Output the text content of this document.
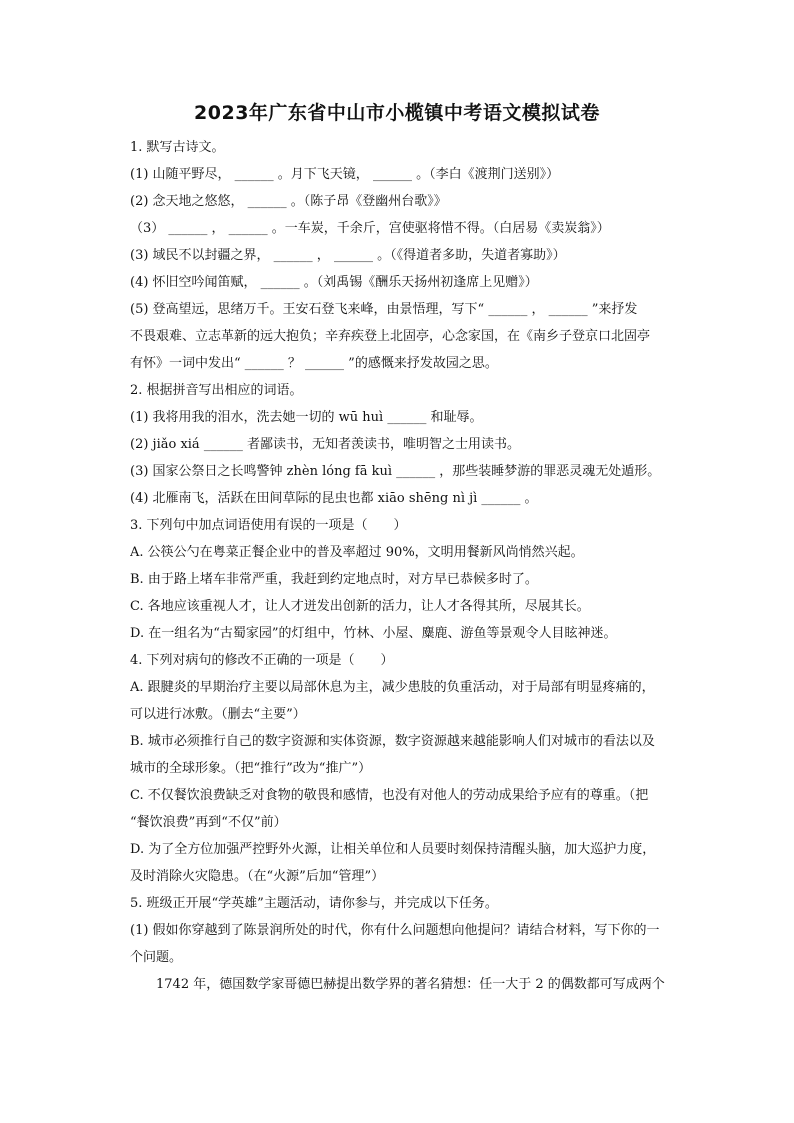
2023年广东省中山市小榄镇中考语文模拟试卷
1. 默写古诗文。
(1) 山随平野尽， ______ 。月下飞天镜， ______ 。（李白《渡荆门送别》）
(2) 念天地之悠悠， ______ 。（陈子昂《登幽州台歌》》
（3） ______ ， ______ 。一车炭，千余斤，宫使驱将惜不得。（白居易《卖炭翁》）
(3) 域民不以封疆之界， ______ ， ______ 。（《得道者多助，失道者寡助》）
(4) 怀旧空吟闻笛赋， ______ 。（刘禹锡《酬乐天扬州初逢席上见赠》）
(5) 登高望远，思绪万千。王安石登飞来峰，由景悟理，写下“ ______ ， ______ ”来抒发
不畏艰难、立志革新的远大抱负；辛弃疾登上北固亭，心念家国，在《南乡子登京口北固亭
有怀》一词中发出“ ______ ？ ______ ”的感慨来抒发故园之思。
2. 根据拼音写出相应的词语。
(1) 我将用我的泪水，洗去她一切的 wū huì ______ 和耻辱。
(2) jiǎo xiá ______ 者鄙读书，无知者羡读书，唯明智之士用读书。
(3) 国家公祭日之长鸣警钟 zhèn lóng fā kuì ______ ，那些装睡梦游的罪恶灵魂无处遁形。
(4) 北雁南飞，活跃在田间草际的昆虫也都 xiāo shēng nì jì ______ 。
3. 下列句中加点词语使用有误的一项是（　　）
A. 公筷公勺在粤菜正餐企业中的普及率超过 90%，文明用餐新风尚悄然兴起。
B. 由于路上堵车非常严重，我赶到约定地点时，对方早已恭候多时了。
C. 各地应该重视人才，让人才迸发出创新的活力，让人才各得其所，尽展其长。
D. 在一组名为“古蜀家园”的灯组中，竹林、小屋、麋鹿、游鱼等景观令人目眩神迷。
4. 下列对病句的修改不正确的一项是（　　）
A. 跟腱炎的早期治疗主要以局部休息为主，减少患肢的负重活动，对于局部有明显疼痛的，
可以进行冰敷。（删去“主要”）
B. 城市必须推行自己的数字资源和实体资源，数字资源越来越能影响人们对城市的看法以及
城市的全球形象。（把“推行”改为“推广”）
C. 不仅餐饮浪费缺乏对食物的敬畏和感情，也没有对他人的劳动成果给予应有的尊重。（把
“餐饮浪费”再到“不仅”前）
D. 为了全方位加强严控野外火源，让相关单位和人员要时刻保持清醒头脑，加大巡护力度，
及时消除火灾隐患。（在“火源”后加“管理”）
5. 班级正开展“学英雄”主题活动，请你参与，并完成以下任务。
(1) 假如你穿越到了陈景润所处的时代，你有什么问题想向他提问？请结合材料，写下你的一
个问题。
　　1742 年，德国数学家哥德巴赫提出数学界的著名猜想：任一大于 2 的偶数都可写成两个
